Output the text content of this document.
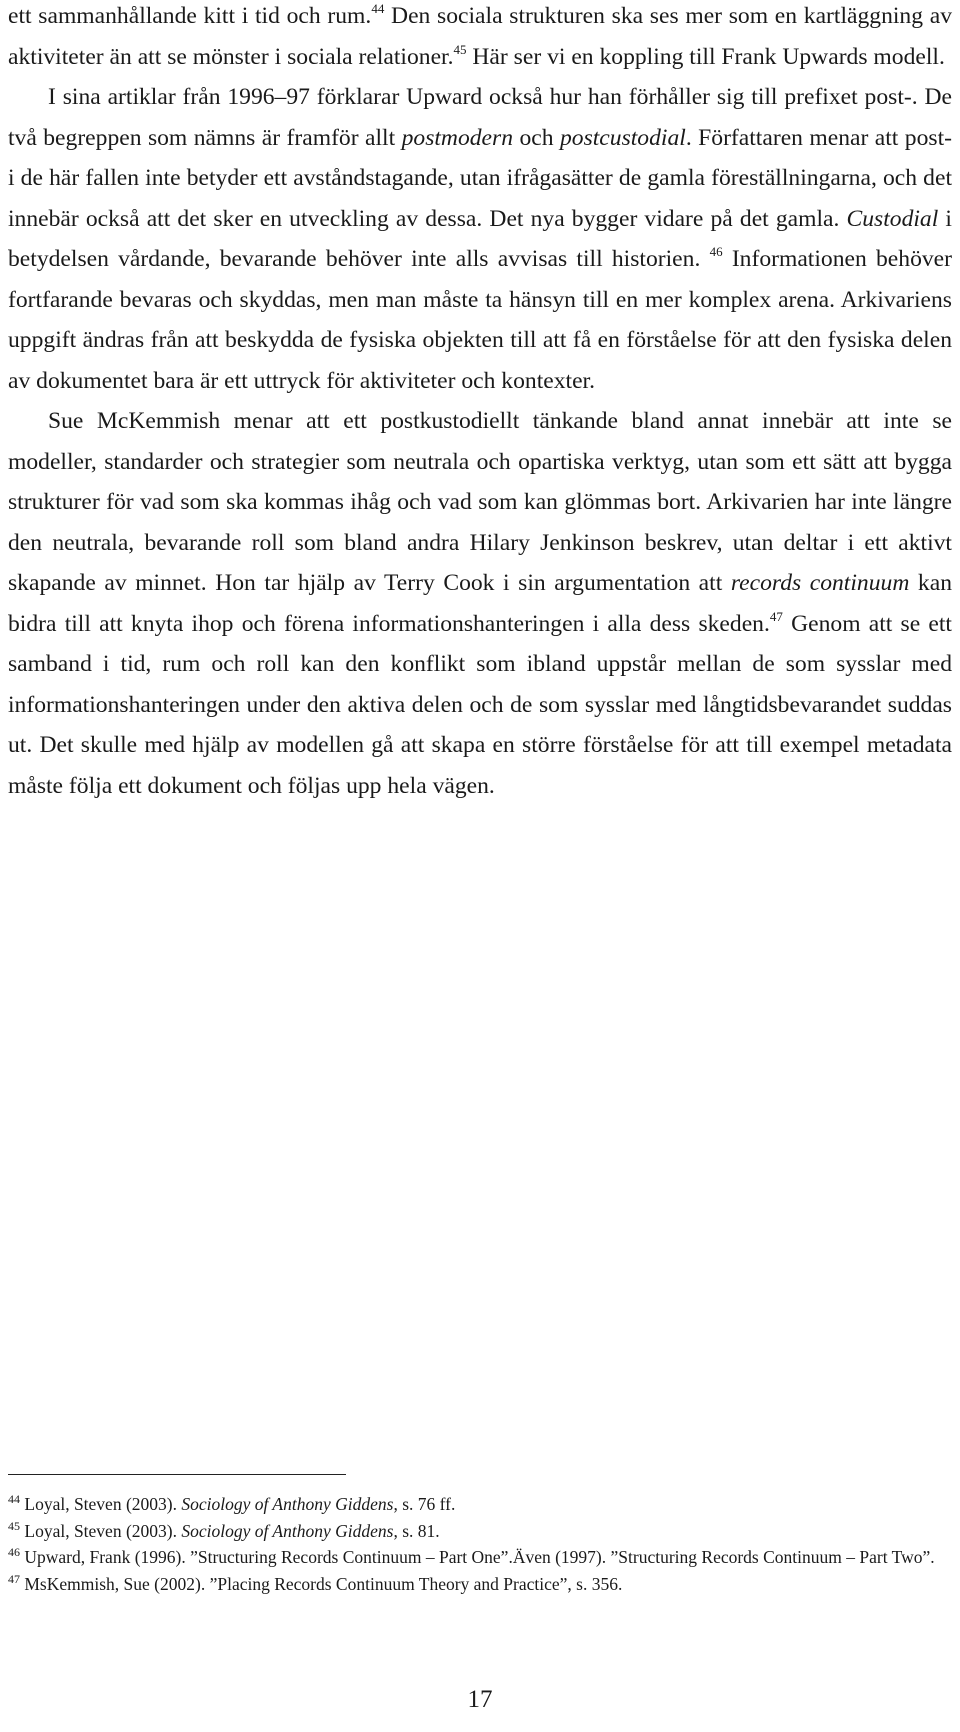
ett sammanhållande kitt i tid och rum.$^{44}$ Den sociala strukturen ska ses mer som en kartläggning av aktiviteter än att se mönster i sociala relationer.$^{45}$ Här ser vi en koppling till Frank Upwards modell.

I sina artiklar från 1996–97 förklarar Upward också hur han förhåller sig till prefixet post-. De två begreppen som nämns är framför allt postmodern och postcustodial. Författaren menar att post- i de här fallen inte betyder ett avståndstagande, utan ifrågasätter de gamla föreställningarna, och det innebär också att det sker en utveckling av dessa. Det nya bygger vidare på det gamla. Custodial i betydelsen vårdande, bevarande behöver inte alls avvisas till historien. $^{46}$ Informationen behöver fortfarande bevaras och skyddas, men man måste ta hänsyn till en mer komplex arena. Arkivariens uppgift ändras från att beskydda de fysiska objekten till att få en förståelse för att den fysiska delen av dokumentet bara är ett uttryck för aktiviteter och kontexter.

Sue McKemmish menar att ett postkustodiellt tänkande bland annat innebär att inte se modeller, standarder och strategier som neutrala och opartiska verktyg, utan som ett sätt att bygga strukturer för vad som ska kommas ihåg och vad som kan glömmas bort. Arkivarien har inte längre den neutrala, bevarande roll som bland andra Hilary Jenkinson beskrev, utan deltar i ett aktivt skapande av minnet. Hon tar hjälp av Terry Cook i sin argumentation att records continuum kan bidra till att knyta ihop och förena informationshanteringen i alla dess skeden.$^{47}$ Genom att se ett samband i tid, rum och roll kan den konflikt som ibland uppstår mellan de som sysslar med informationshanteringen under den aktiva delen och de som sysslar med långtidsbevarandet suddas ut. Det skulle med hjälp av modellen gå att skapa en större förståelse för att till exempel metadata måste följa ett dokument och följas upp hela vägen.

$^{44}$ Loyal, Steven (2003). Sociology of Anthony Giddens, s. 76 ff.

$^{45}$ Loyal, Steven (2003). Sociology of Anthony Giddens, s. 81.

$^{46}$ Upward, Frank (1996). ”Structuring Records Continuum – Part One”.Även (1997). ”Structuring Records Continuum – Part Two”.

$^{47}$ MsKemmish, Sue (2002). ”Placing Records Continuum Theory and Practice”, s. 356.

17
